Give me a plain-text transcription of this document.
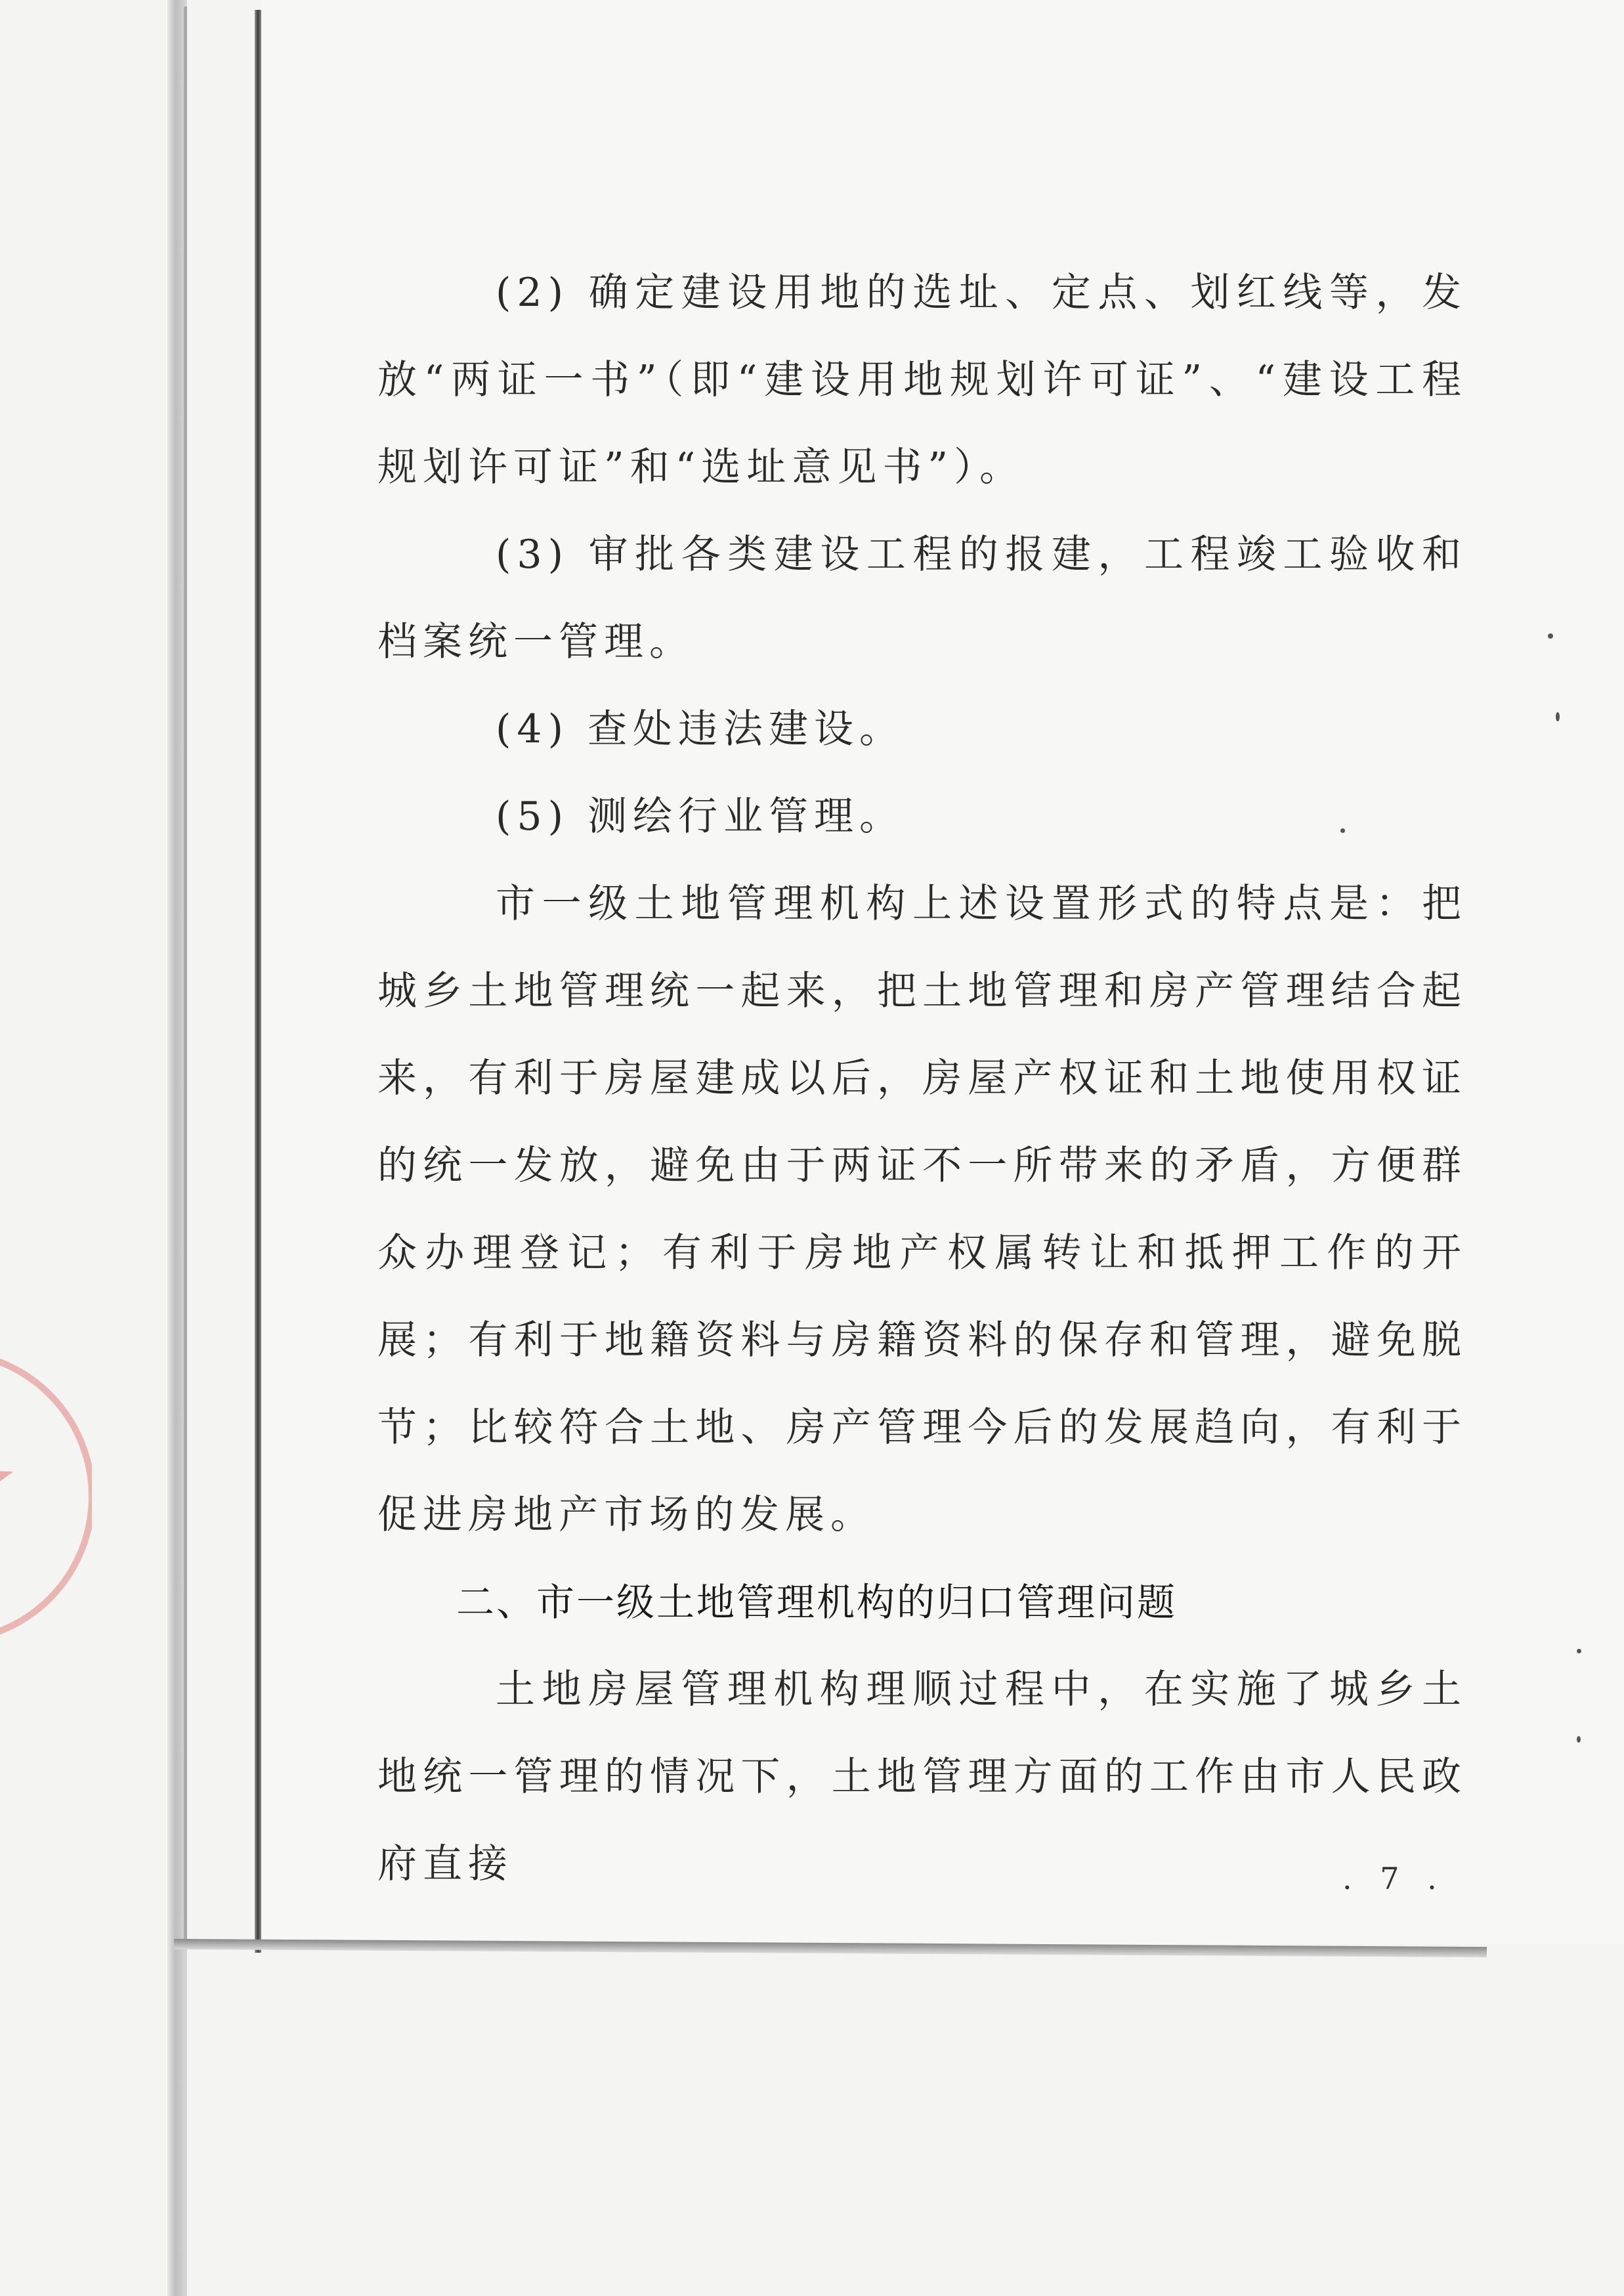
(2) 确定建设用地的选址、定点、划红线等，发放“两证一书”（即“建设用地规划许可证”、“建设工程规划许可证”和“选址意见书”）。

(3) 审批各类建设工程的报建，工程竣工验收和档案统一管理。

(4) 查处违法建设。

(5) 测绘行业管理。

市一级土地管理机构上述设置形式的特点是：把城乡土地管理统一起来，把土地管理和房产管理结合起来，有利于房屋建成以后，房屋产权证和土地使用权证的统一发放，避免由于两证不一所带来的矛盾，方便群众办理登记；有利于房地产权属转让和抵押工作的开展；有利于地籍资料与房籍资料的保存和管理，避免脱节；比较符合土地、房产管理今后的发展趋向，有利于促进房地产市场的发展。

二、市一级土地管理机构的归口管理问题

土地房屋管理机构理顺过程中，在实施了城乡土地统一管理的情况下，土地管理方面的工作由市人民政府直接	. 7 .
